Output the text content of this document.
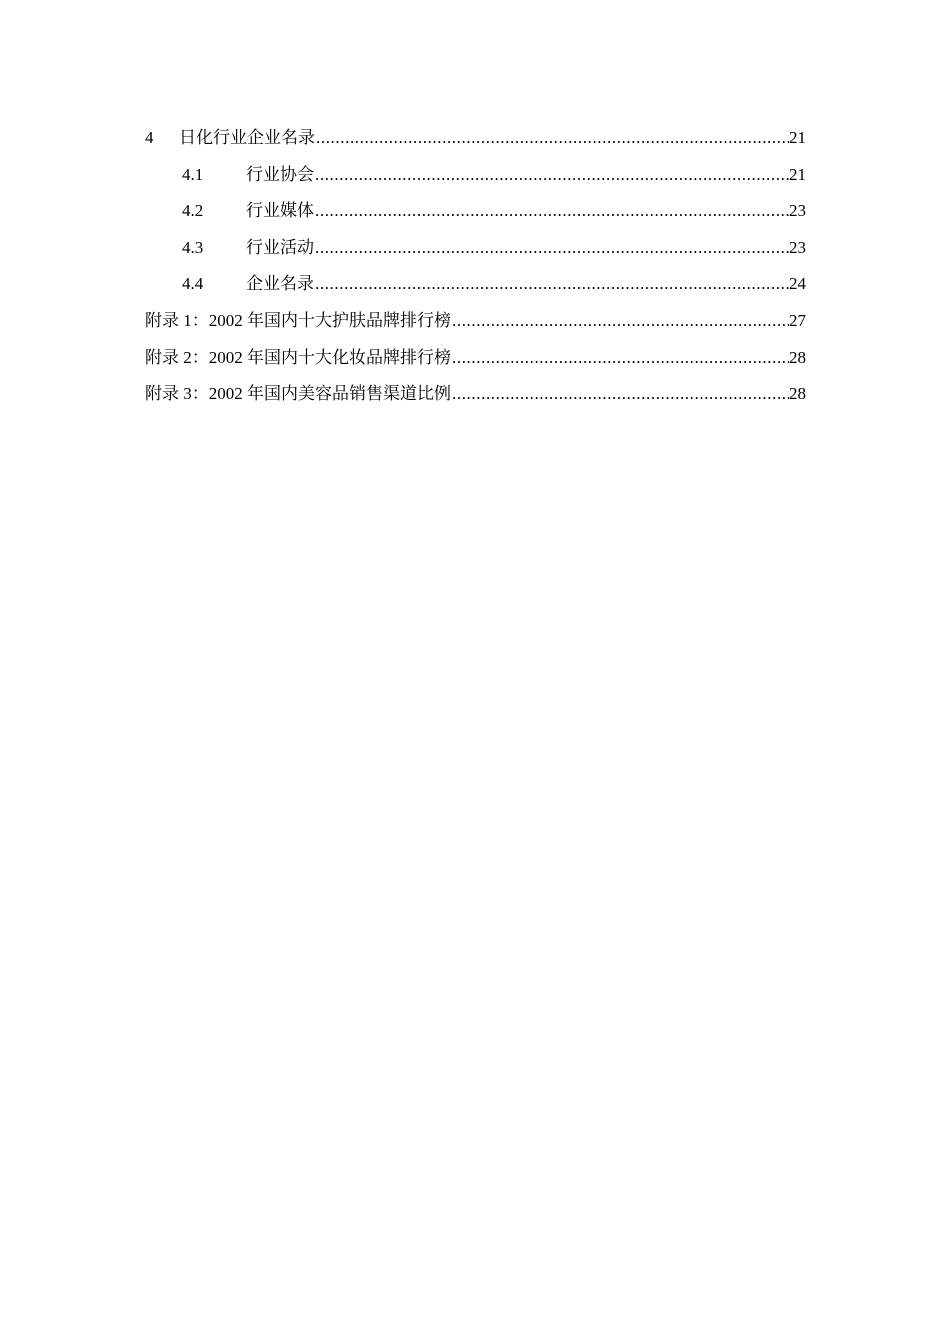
4	日化行业企业名录 .....	21
4.1	行业协会 .....	21
4.2	行业媒体 .....	23
4.3	行业活动 .....	23
4.4	企业名录 .....	24
附录 1：2002 年国内十大护肤品牌排行榜 .....	27
附录 2：2002 年国内十大化妆品牌排行榜 .....	28
附录 3：2002 年国内美容品销售渠道比例 .....	28
